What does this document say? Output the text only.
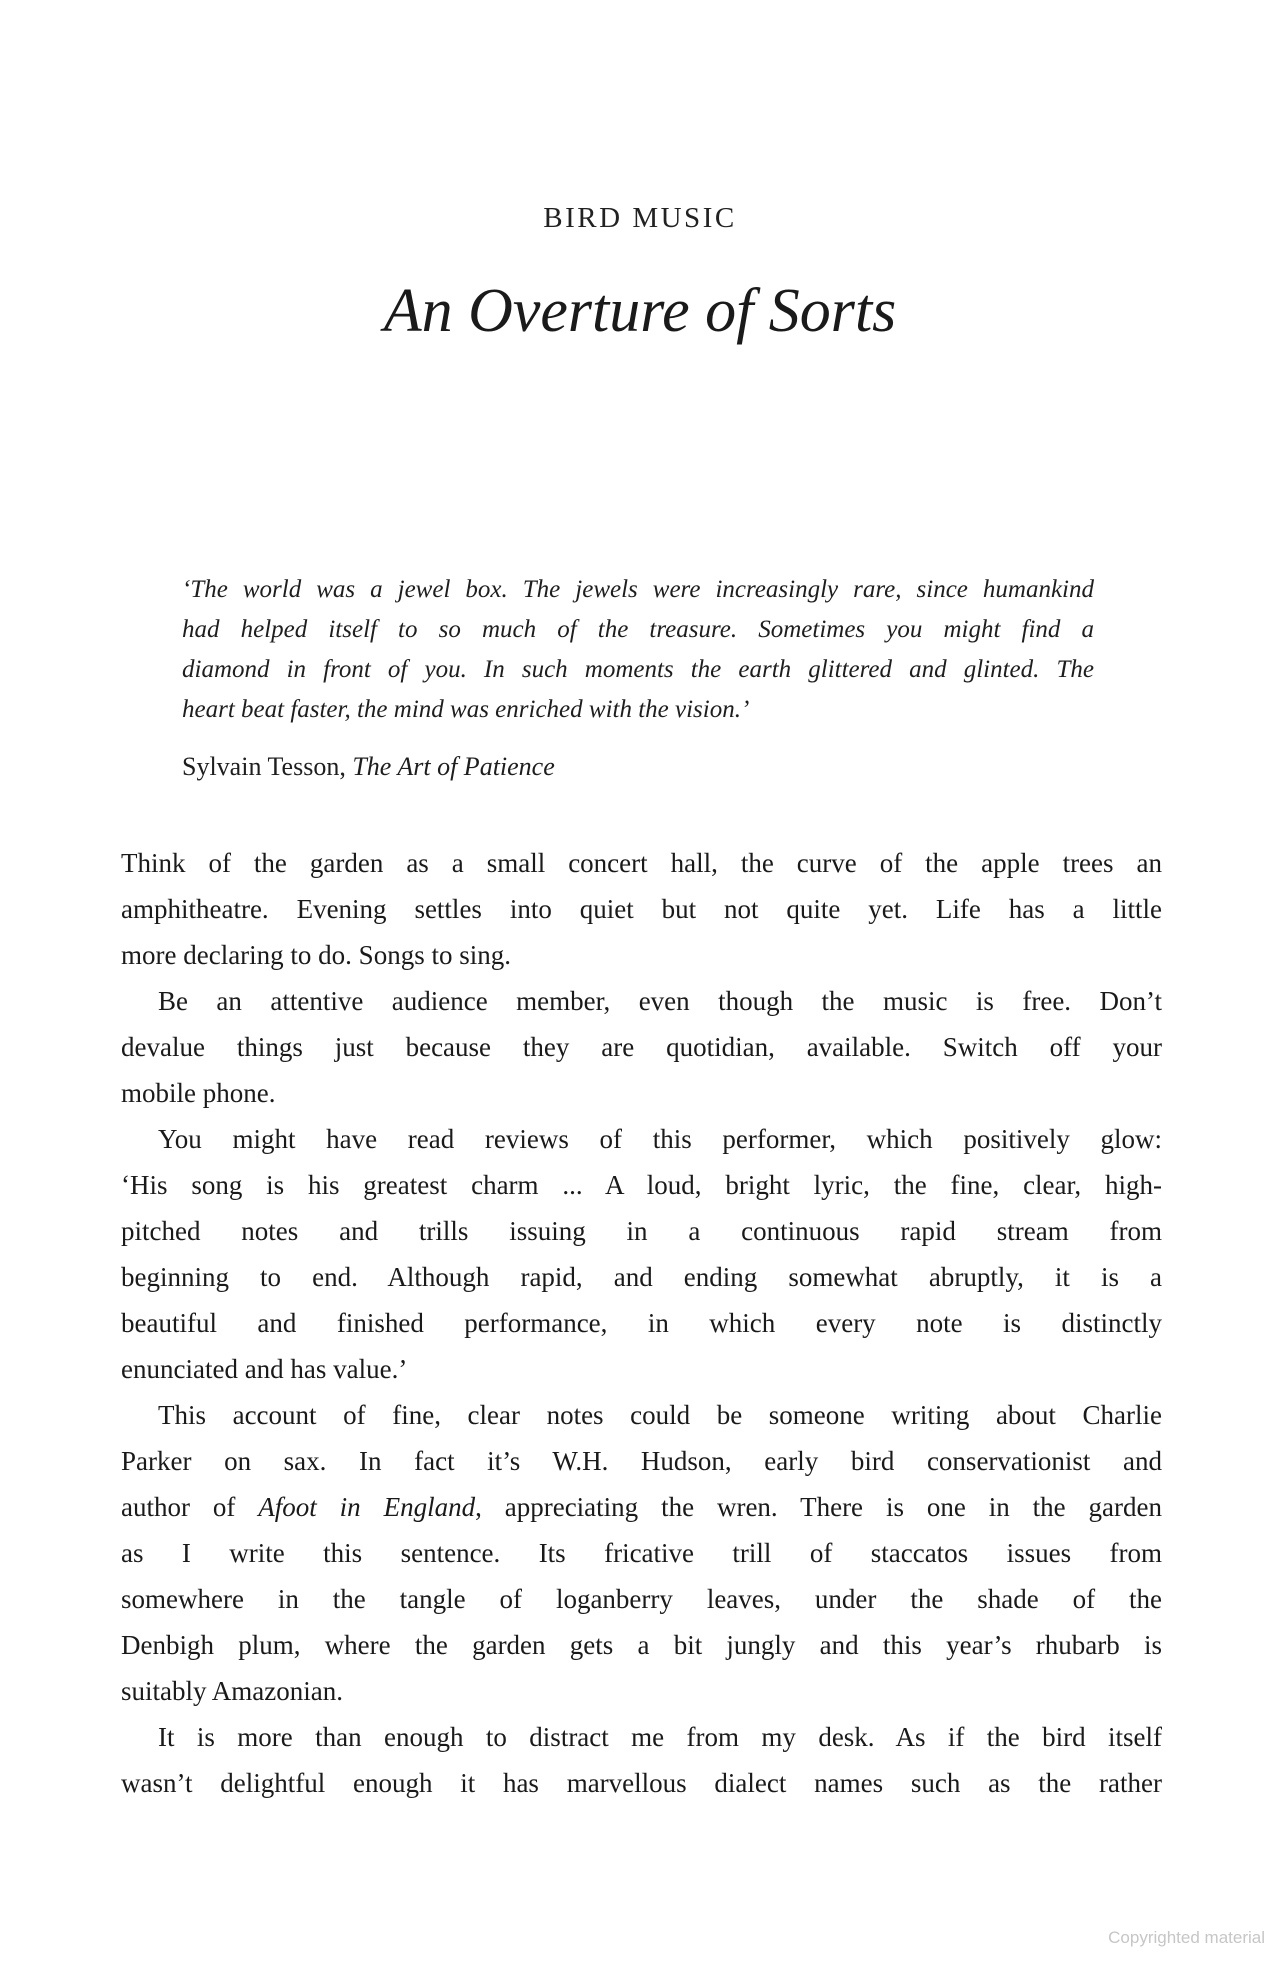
BIRD MUSIC
An Overture of Sorts
‘The world was a jewel box. The jewels were increasingly rare, since humankind
had helped itself to so much of the treasure. Sometimes you might find a
diamond in front of you. In such moments the earth glittered and glinted. The
heart beat faster, the mind was enriched with the vision.’
Sylvain Tesson, The Art of Patience
Think of the garden as a small concert hall, the curve of the apple trees an
amphitheatre. Evening settles into quiet but not quite yet. Life has a little
more declaring to do. Songs to sing.
Be an attentive audience member, even though the music is free. Don’t
devalue things just because they are quotidian, available. Switch off your
mobile phone.
You might have read reviews of this performer, which positively glow:
‘His song is his greatest charm ... A loud, bright lyric, the fine, clear, high-
pitched notes and trills issuing in a continuous rapid stream from
beginning to end. Although rapid, and ending somewhat abruptly, it is a
beautiful and finished performance, in which every note is distinctly
enunciated and has value.’
This account of fine, clear notes could be someone writing about Charlie
Parker on sax. In fact it’s W.H. Hudson, early bird conservationist and
author of Afoot in England, appreciating the wren. There is one in the garden
as I write this sentence. Its fricative trill of staccatos issues from
somewhere in the tangle of loganberry leaves, under the shade of the
Denbigh plum, where the garden gets a bit jungly and this year’s rhubarb is
suitably Amazonian.
It is more than enough to distract me from my desk. As if the bird itself
wasn’t delightful enough it has marvellous dialect names such as the rather
Copyrighted material
